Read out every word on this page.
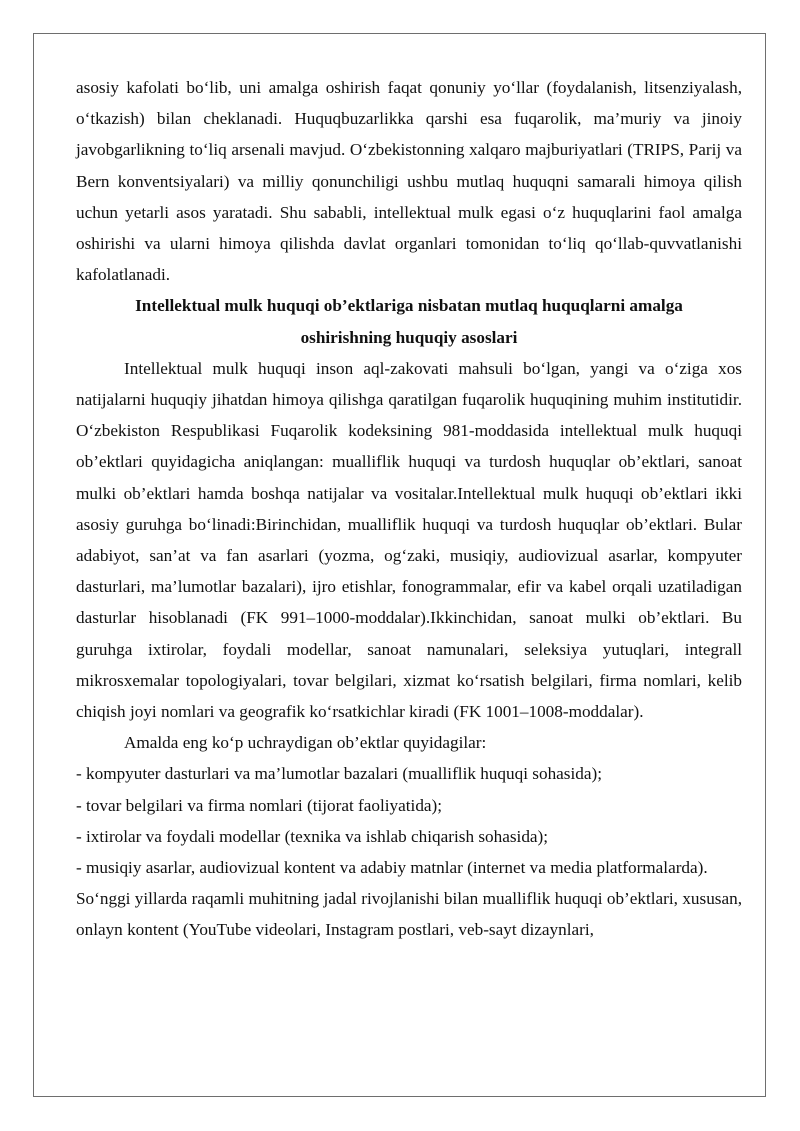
asosiy kafolati bo‘lib, uni amalga oshirish faqat qonuniy yo‘llar (foydalanish, litsenziyalash, o‘tkazish) bilan cheklanadi. Huquqbuzarlikka qarshi esa fuqarolik, ma’muriy va jinoiy javobgarlikning to‘liq arsenali mavjud. O‘zbekistonning xalqaro majburiyatlari (TRIPS, Parij va Bern konventsiyalari) va milliy qonunchiligi ushbu mutlaq huquqni samarali himoya qilish uchun yetarli asos yaratadi. Shu sababli, intellektual mulk egasi o‘z huquqlarini faol amalga oshirishi va ularni himoya qilishda davlat organlari tomonidan to‘liq qo‘llab-quvvatlanishi kafolatlanadi.

Intellektual mulk huquqi ob’ektlariga nisbatan mutlaq huquqlarni amalga

oshirishning huquqiy asoslari

Intellektual mulk huquqi inson aql-zakovati mahsuli bo‘lgan, yangi va o‘ziga xos natijalarni huquqiy jihatdan himoya qilishga qaratilgan fuqarolik huquqining muhim institutidir. O‘zbekiston Respublikasi Fuqarolik kodeksining 981-moddasida intellektual mulk huquqi ob’ektlari quyidagicha aniqlangan: mualliflik huquqi va turdosh huquqlar ob’ektlari, sanoat mulki ob’ektlari hamda boshqa natijalar va vositalar.Intellektual mulk huquqi ob’ektlari ikki asosiy guruhga bo‘linadi:Birinchidan, mualliflik huquqi va turdosh huquqlar ob’ektlari. Bular adabiyot, san’at va fan asarlari (yozma, og‘zaki, musiqiy, audiovizual asarlar, kompyuter dasturlari, ma’lumotlar bazalari), ijro etishlar, fonogrammalar, efir va kabel orqali uzatiladigan dasturlar hisoblanadi (FK 991–1000-moddalar).Ikkinchidan, sanoat mulki ob’ektlari. Bu guruhga ixtirolar, foydali modellar, sanoat namunalari, seleksiya yutuqlari, integrall mikrosxemalar topologiyalari, tovar belgilari, xizmat ko‘rsatish belgilari, firma nomlari, kelib chiqish joyi nomlari va geografik ko‘rsatkichlar kiradi (FK 1001–1008-moddalar).

Amalda eng ko‘p uchraydigan ob’ektlar quyidagilar:

- kompyuter dasturlari va ma’lumotlar bazalari (mualliflik huquqi sohasida);

- tovar belgilari va firma nomlari (tijorat faoliyatida);

- ixtirolar va foydali modellar (texnika va ishlab chiqarish sohasida);

- musiqiy asarlar, audiovizual kontent va adabiy matnlar (internet va media platformalarda).

So‘nggi yillarda raqamli muhitning jadal rivojlanishi bilan mualliflik huquqi ob’ektlari, xususan, onlayn kontent (YouTube videolari, Instagram postlari, veb-sayt dizaynlari,
